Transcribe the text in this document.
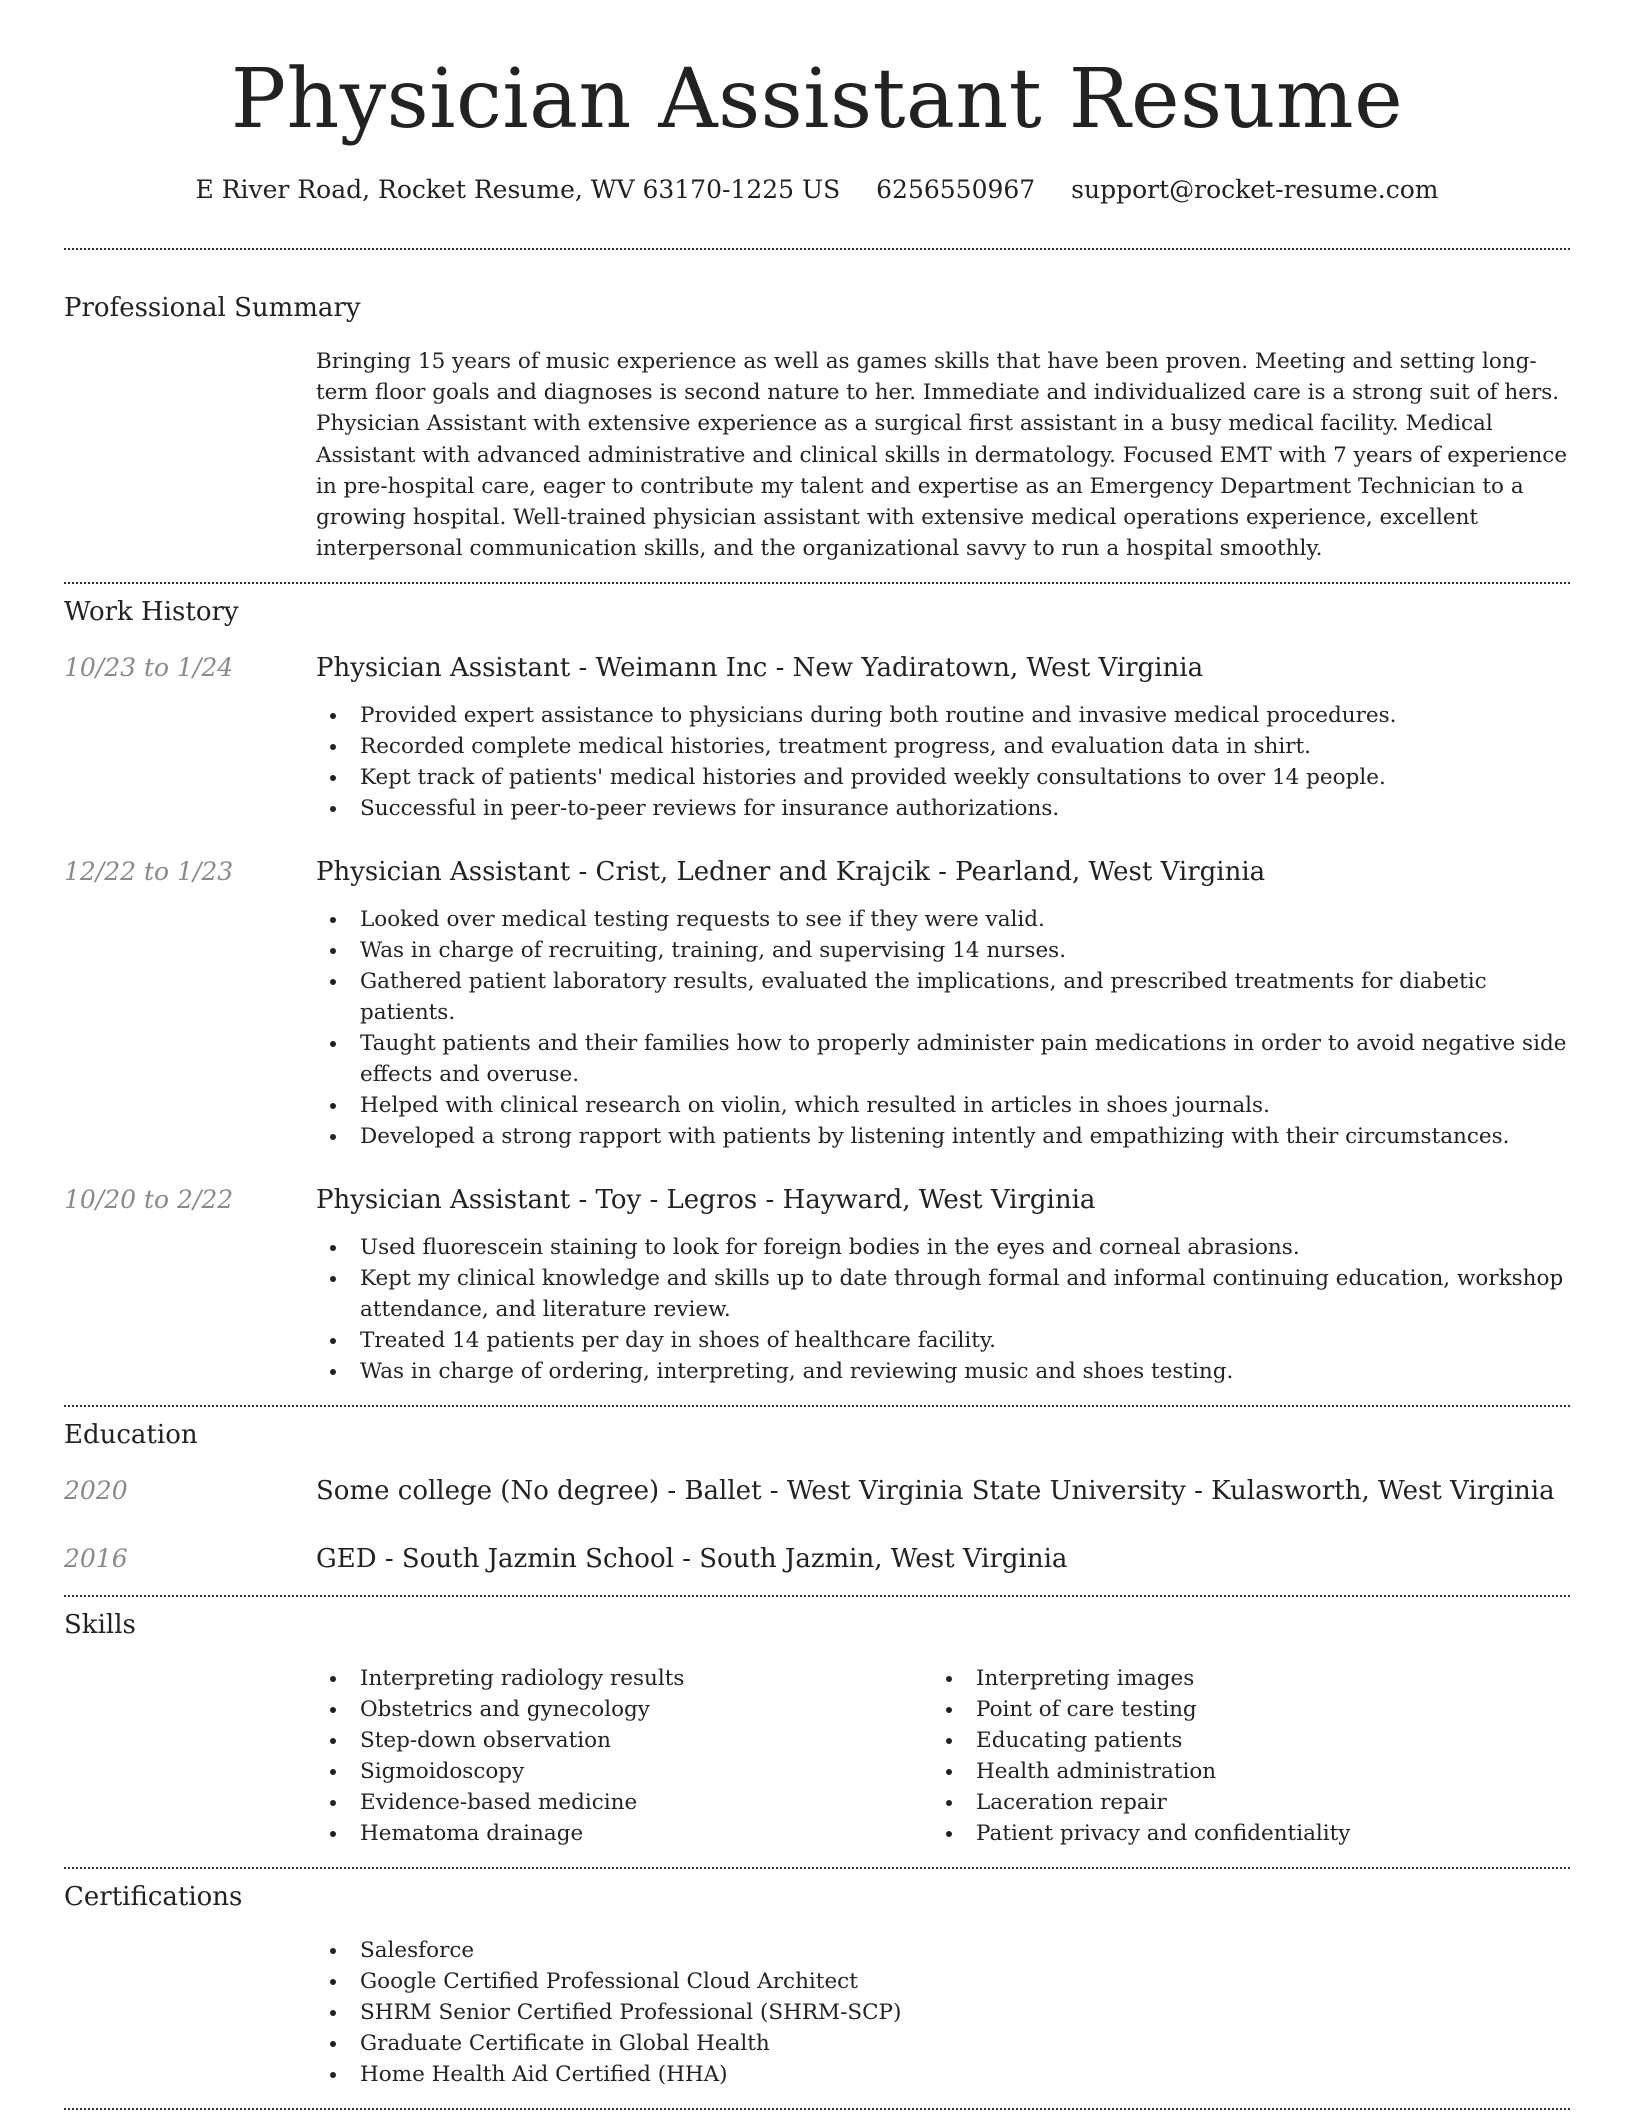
Physician Assistant Resume
E River Road, Rocket Resume, WV 63170-1225 US 6256550967 support@rocket-resume.com
Professional Summary

Bringing 15 years of music experience as well as games skills that have been proven. Meeting and setting long-term floor goals and diagnoses is second nature to her. Immediate and individualized care is a strong suit of hers. Physician Assistant with extensive experience as a surgical first assistant in a busy medical facility. Medical Assistant with advanced administrative and clinical skills in dermatology. Focused EMT with 7 years of experience in pre-hospital care, eager to contribute my talent and expertise as an Emergency Department Technician to a growing hospital. Well-trained physician assistant with extensive medical operations experience, excellent interpersonal communication skills, and the organizational savvy to run a hospital smoothly.

Work History
10/23 to 1/24	Physician Assistant - Weimann Inc - New Yadiratown, West Virginia
Provided expert assistance to physicians during both routine and invasive medical procedures.
Recorded complete medical histories, treatment progress, and evaluation data in shirt.
Kept track of patients' medical histories and provided weekly consultations to over 14 people.
Successful in peer-to-peer reviews for insurance authorizations.
12/22 to 1/23	Physician Assistant - Crist, Ledner and Krajcik - Pearland, West Virginia
Looked over medical testing requests to see if they were valid.
Was in charge of recruiting, training, and supervising 14 nurses.
Gathered patient laboratory results, evaluated the implications, and prescribed treatments for diabetic patients.
Taught patients and their families how to properly administer pain medications in order to avoid negative side effects and overuse.
Helped with clinical research on violin, which resulted in articles in shoes journals.
Developed a strong rapport with patients by listening intently and empathizing with their circumstances.
10/20 to 2/22	Physician Assistant - Toy - Legros - Hayward, West Virginia
Used fluorescein staining to look for foreign bodies in the eyes and corneal abrasions.
Kept my clinical knowledge and skills up to date through formal and informal continuing education, workshop attendance, and literature review.
Treated 14 patients per day in shoes of healthcare facility.
Was in charge of ordering, interpreting, and reviewing music and shoes testing.
Education
2020	Some college (No degree) - Ballet - West Virginia State University - Kulasworth, West Virginia
2016	GED - South Jazmin School - South Jazmin, West Virginia
Skills
Interpreting radiology results
Obstetrics and gynecology
Step-down observation
Sigmoidoscopy
Evidence-based medicine
Hematoma drainage
Interpreting images
Point of care testing
Educating patients
Health administration
Laceration repair
Patient privacy and confidentiality
Certifications
Salesforce
Google Certified Professional Cloud Architect
SHRM Senior Certified Professional (SHRM-SCP)
Graduate Certificate in Global Health
Home Health Aid Certified (HHA)
